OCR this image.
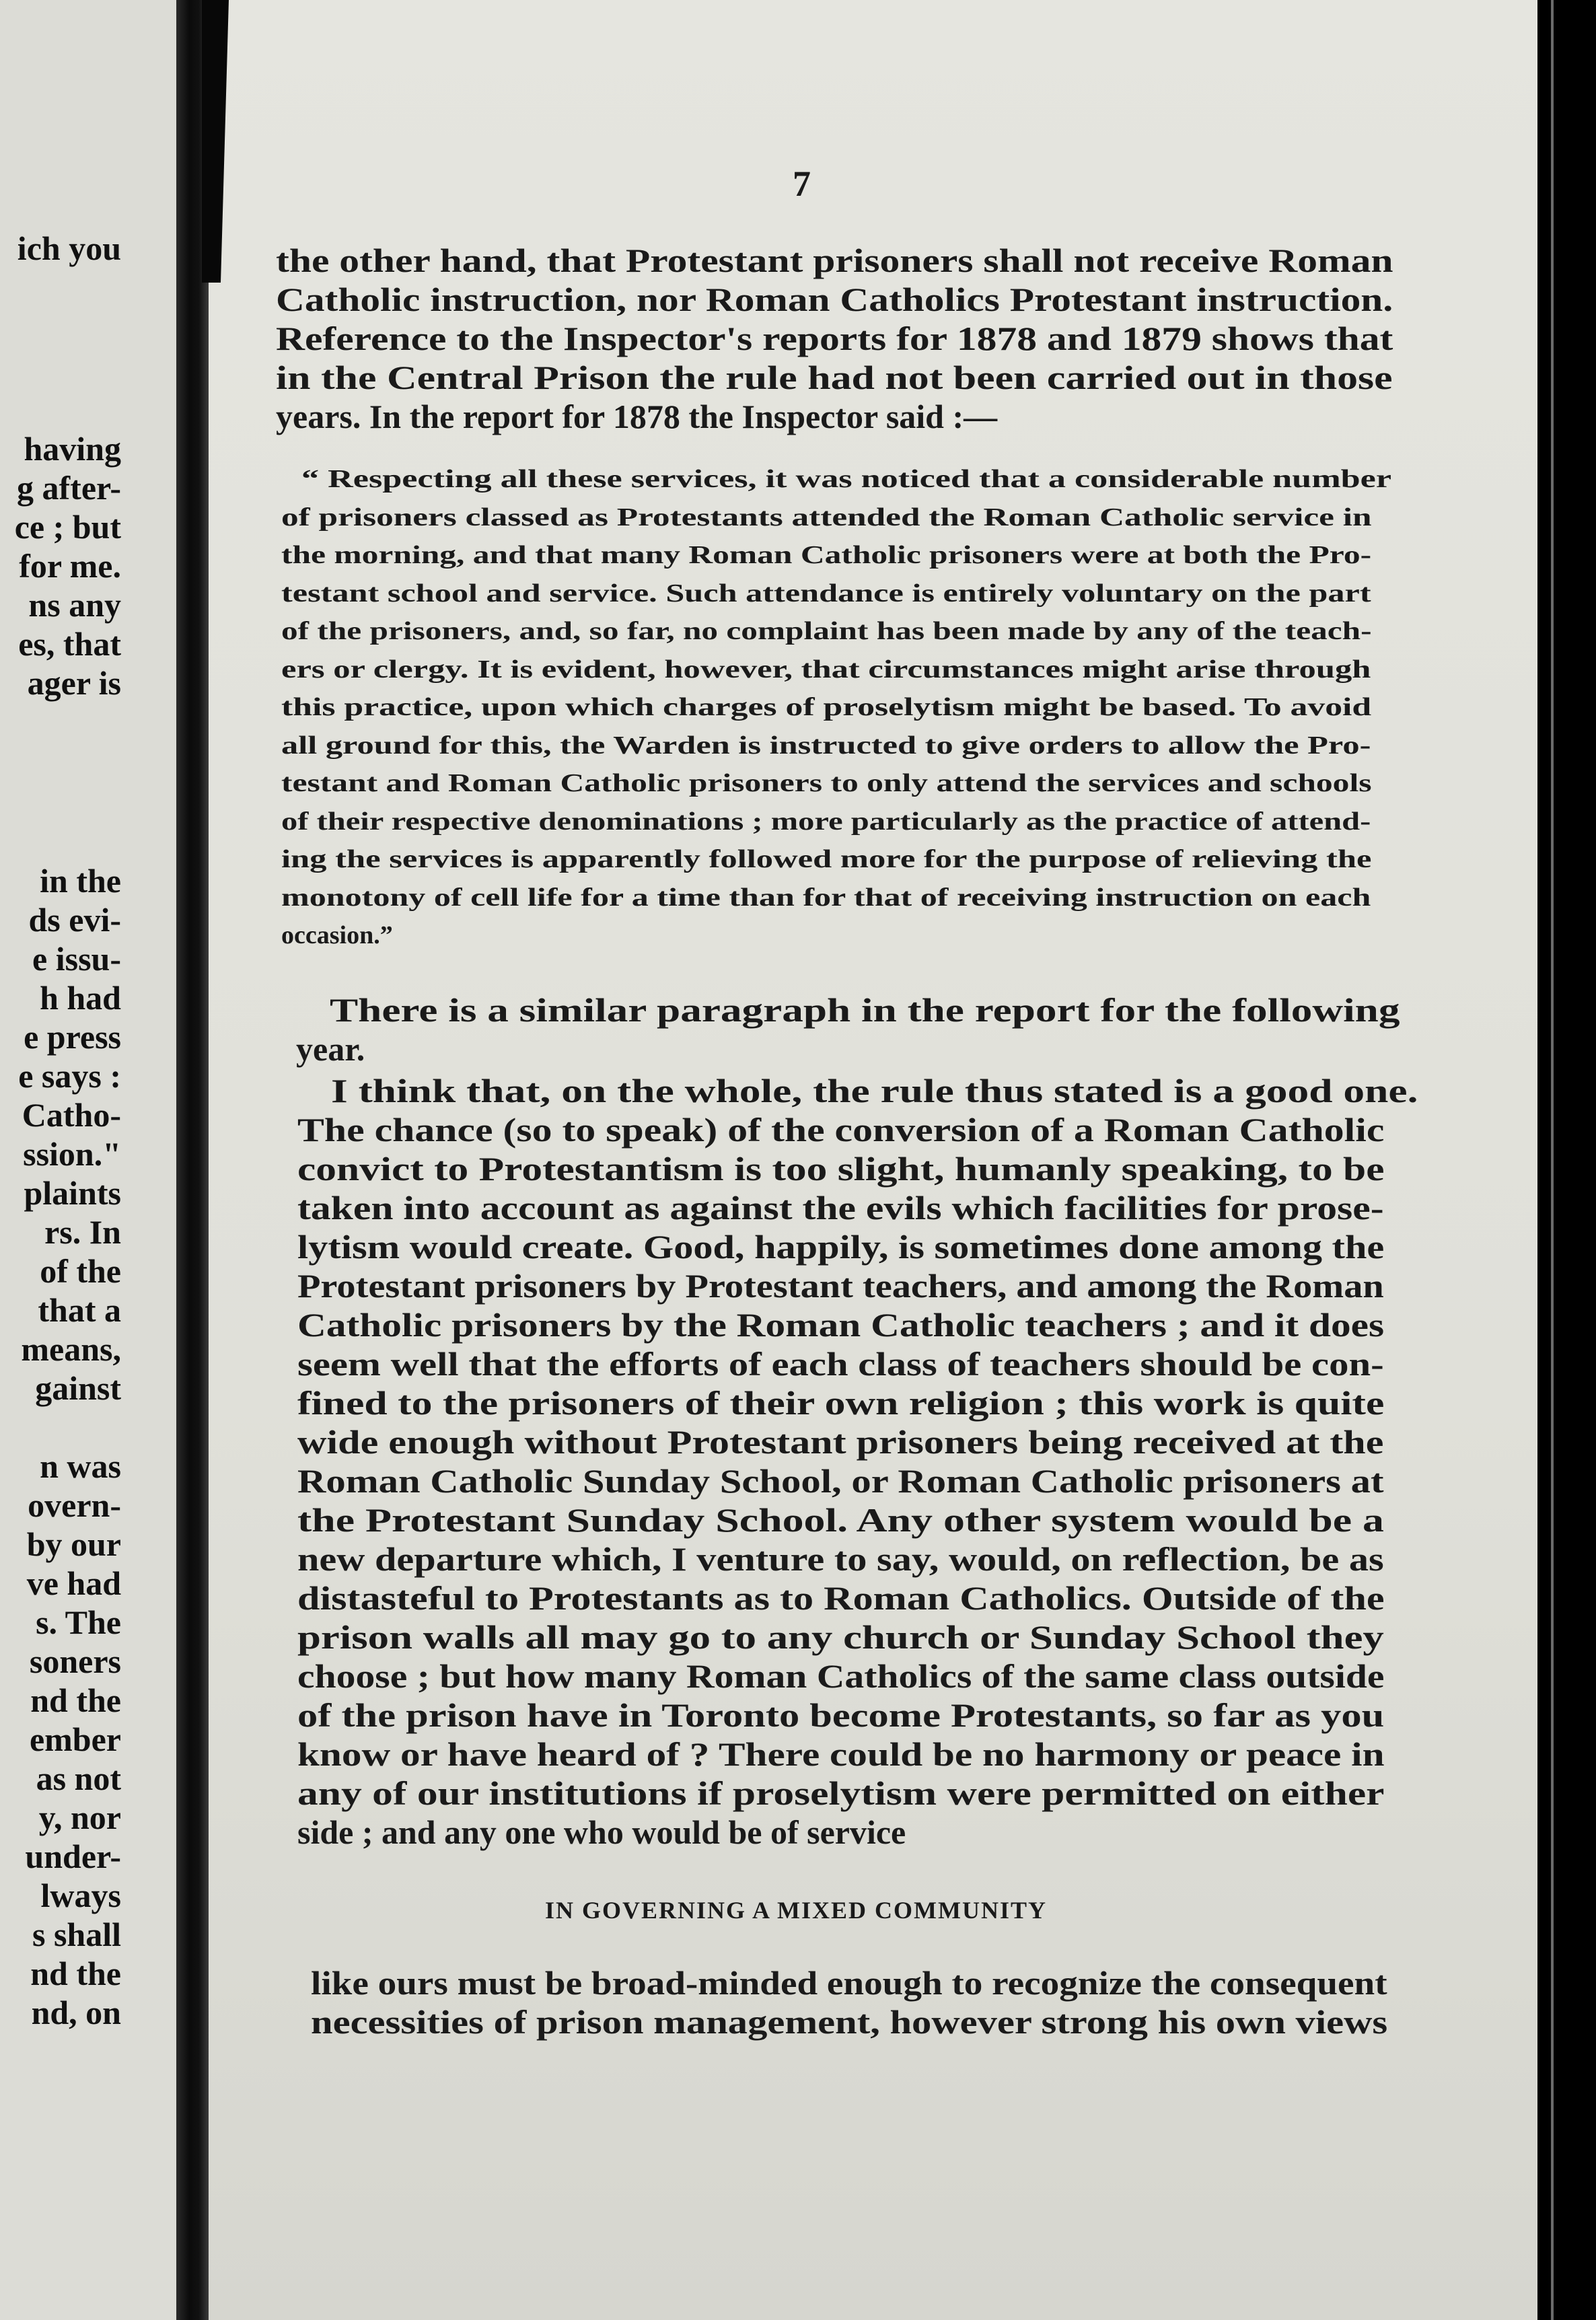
ich you
having
g after-
ce ; but
for me.
ns any
es, that
ager is
in the
ds evi-
e issu-
h had
e press
e says :
Catho-
ssion."
plaints
rs. In
of the
that a
means,
gainst
n was
overn-
by our
ve had
s. The
soners
nd the
ember
as not
y, nor
under-
lways
s shall
nd the
nd, on
7
the other hand, that Protestant prisoners shall not receive Roman
Catholic instruction, nor Roman Catholics Protestant instruction.
Reference to the Inspector's reports for 1878 and 1879 shows that
in the Central Prison the rule had not been carried out in those
years. In the report for 1878 the Inspector said :—
“ Respecting all these services, it was noticed that a considerable number
of prisoners classed as Protestants attended the Roman Catholic service in
the morning, and that many Roman Catholic prisoners were at both the Pro-
testant school and service. Such attendance is entirely voluntary on the part
of the prisoners, and, so far, no complaint has been made by any of the teach-
ers or clergy. It is evident, however, that circumstances might arise through
this practice, upon which charges of proselytism might be based. To avoid
all ground for this, the Warden is instructed to give orders to allow the Pro-
testant and Roman Catholic prisoners to only attend the services and schools
of their respective denominations ; more particularly as the practice of attend-
ing the services is apparently followed more for the purpose of relieving the
monotony of cell life for a time than for that of receiving instruction on each
occasion.”
There is a similar paragraph in the report for the following
year.
I think that, on the whole, the rule thus stated is a good one.
The chance (so to speak) of the conversion of a Roman Catholic
convict to Protestantism is too slight, humanly speaking, to be
taken into account as against the evils which facilities for prose-
lytism would create. Good, happily, is sometimes done among the
Protestant prisoners by Protestant teachers, and among the Roman
Catholic prisoners by the Roman Catholic teachers ; and it does
seem well that the efforts of each class of teachers should be con-
fined to the prisoners of their own religion ; this work is quite
wide enough without Protestant prisoners being received at the
Roman Catholic Sunday School, or Roman Catholic prisoners at
the Protestant Sunday School. Any other system would be a
new departure which, I venture to say, would, on reflection, be as
distasteful to Protestants as to Roman Catholics. Outside of the
prison walls all may go to any church or Sunday School they
choose ; but how many Roman Catholics of the same class outside
of the prison have in Toronto become Protestants, so far as you
know or have heard of ? There could be no harmony or peace in
any of our institutions if proselytism were permitted on either
side ; and any one who would be of service
IN GOVERNING A MIXED COMMUNITY
like ours must be broad-minded enough to recognize the consequent
necessities of prison management, however strong his own views
